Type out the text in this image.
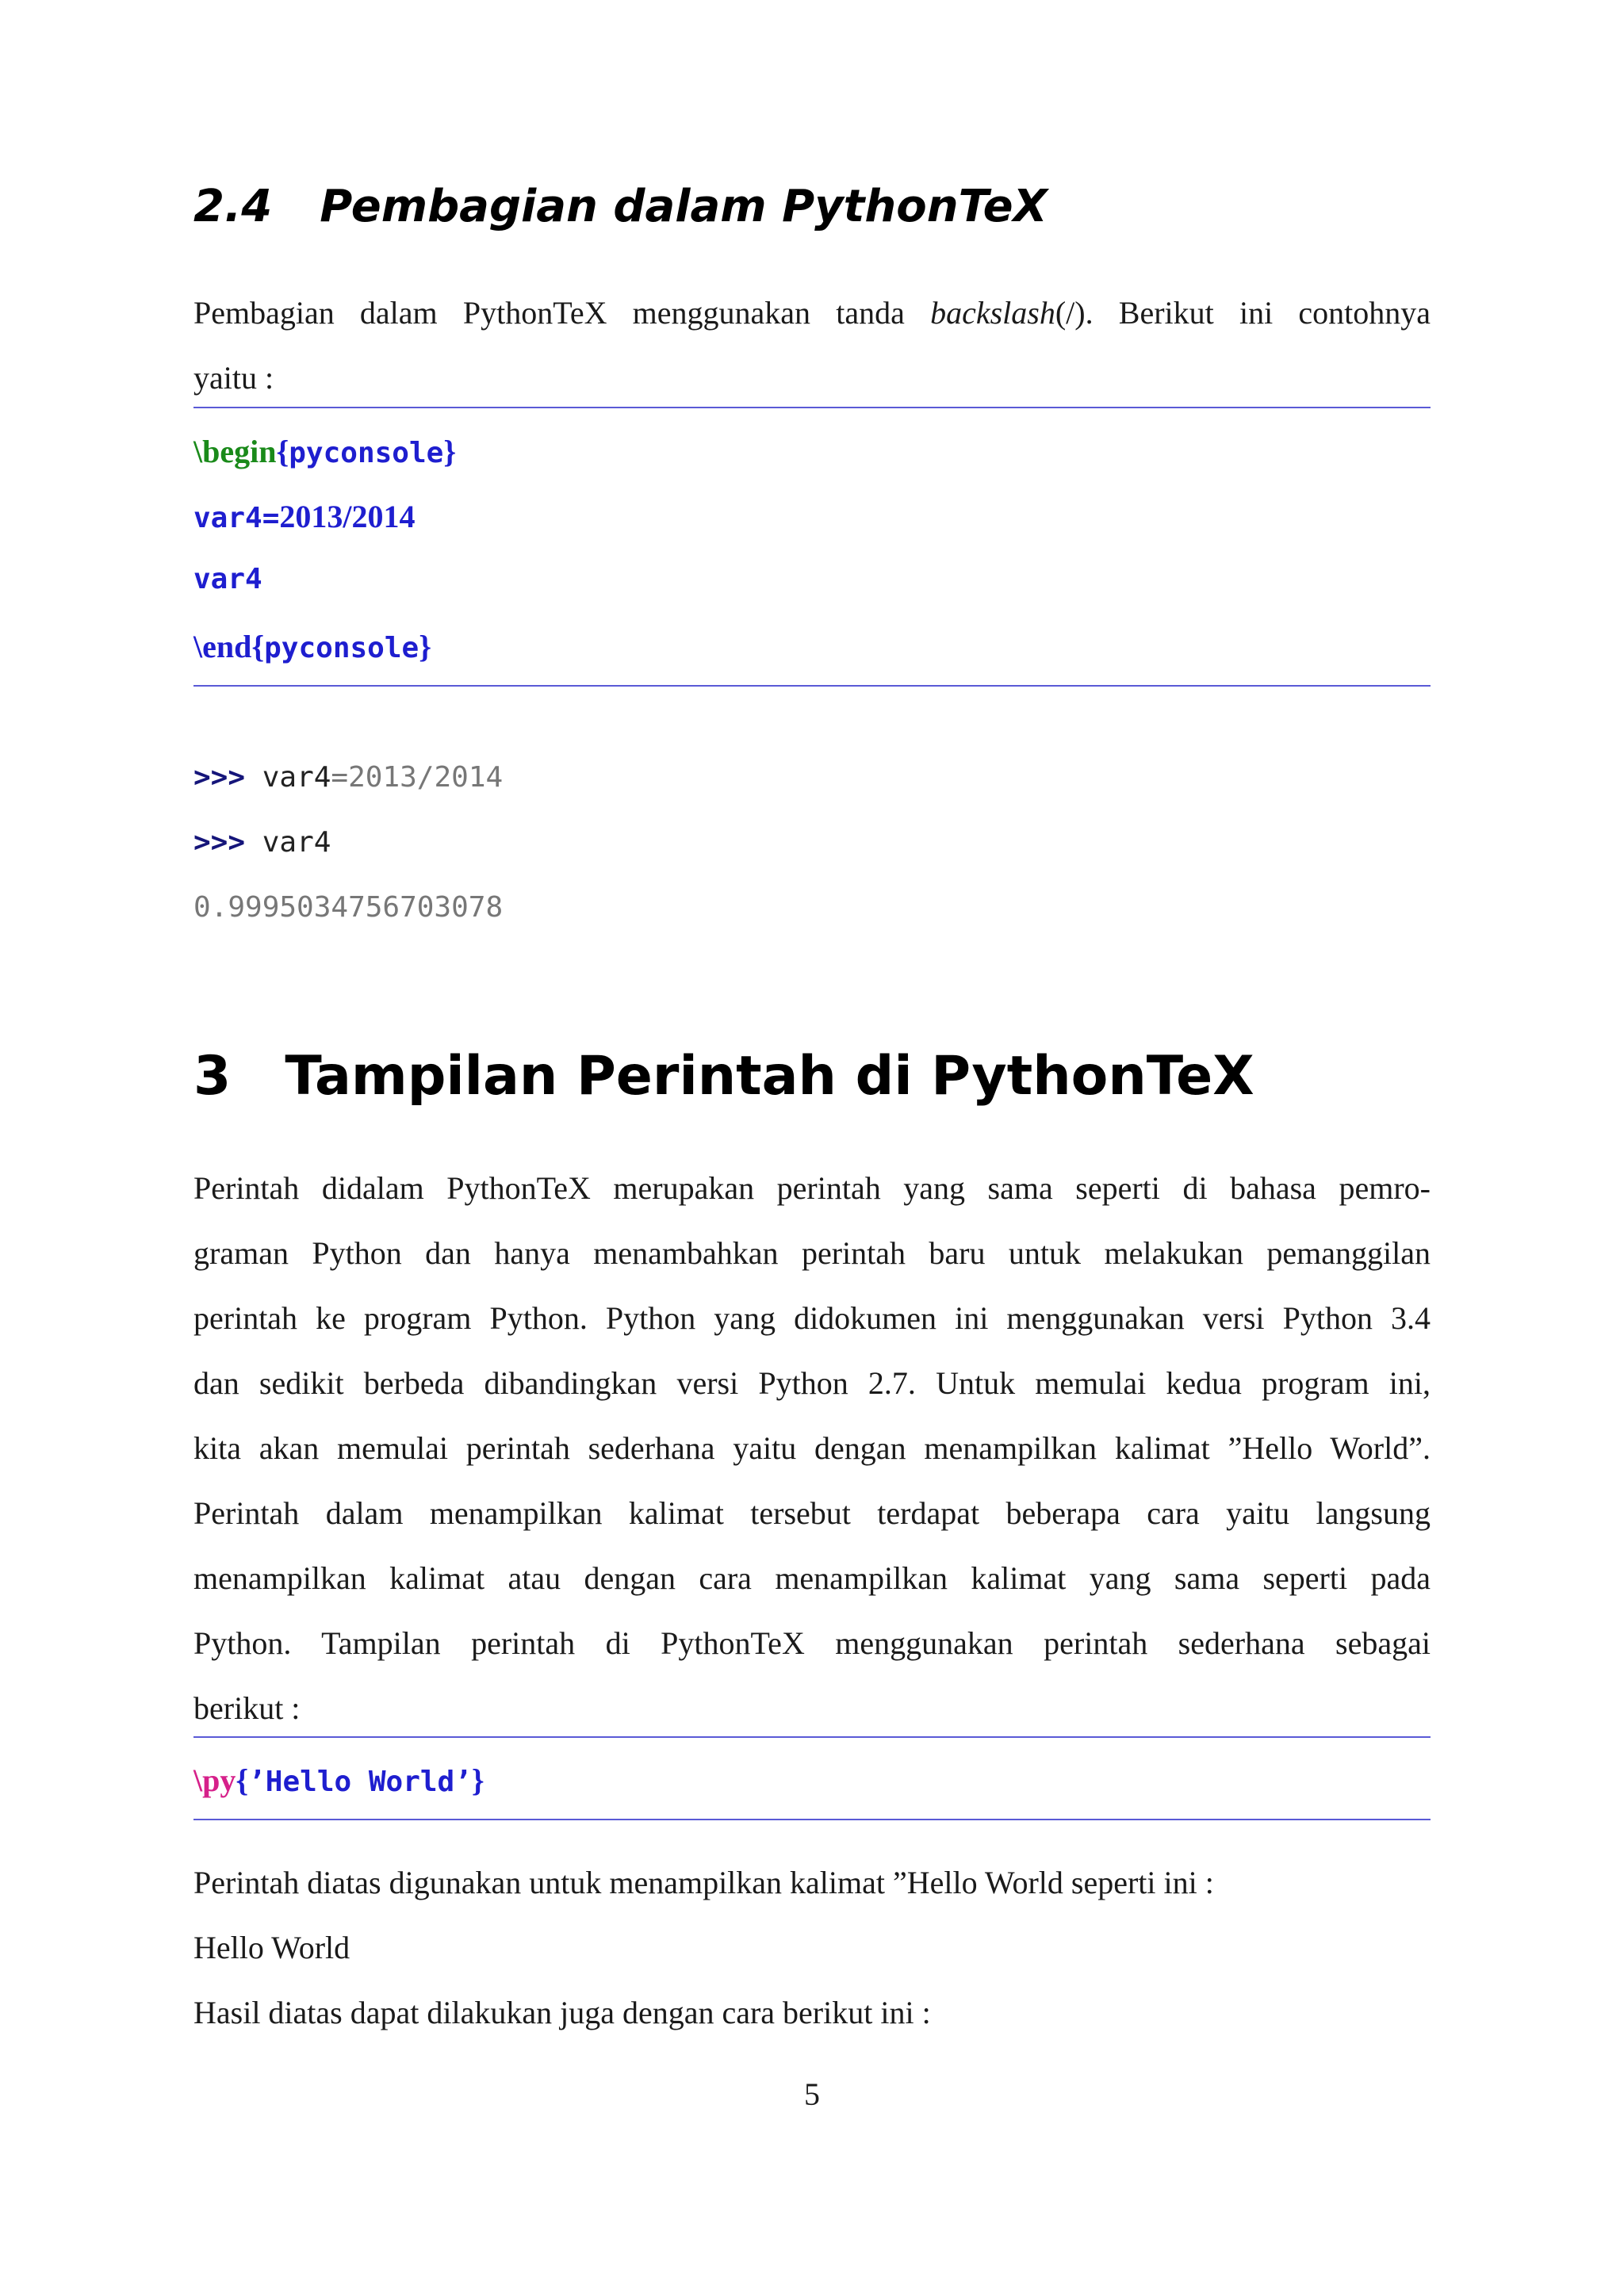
2.4 Pembagian dalam PythonTeX
Pembagian dalam PythonTeX menggunakan tanda backslash(/). Berikut ini contohnya
yaitu :
\begin{pyconsole}
var4=2013/2014
var4
\end{pyconsole}
>>> var4=2013/2014
>>> var4
0.9995034756703078
3 Tampilan Perintah di PythonTeX
Perintah didalam PythonTeX merupakan perintah yang sama seperti di bahasa pemro-
graman Python dan hanya menambahkan perintah baru untuk melakukan pemanggilan
perintah ke program Python. Python yang didokumen ini menggunakan versi Python 3.4
dan sedikit berbeda dibandingkan versi Python 2.7. Untuk memulai kedua program ini,
kita akan memulai perintah sederhana yaitu dengan menampilkan kalimat ”Hello World”.
Perintah dalam menampilkan kalimat tersebut terdapat beberapa cara yaitu langsung
menampilkan kalimat atau dengan cara menampilkan kalimat yang sama seperti pada
Python. Tampilan perintah di PythonTeX menggunakan perintah sederhana sebagai
berikut :
\py{’Hello World’}
Perintah diatas digunakan untuk menampilkan kalimat ”Hello World seperti ini :
Hello World
Hasil diatas dapat dilakukan juga dengan cara berikut ini :
5
